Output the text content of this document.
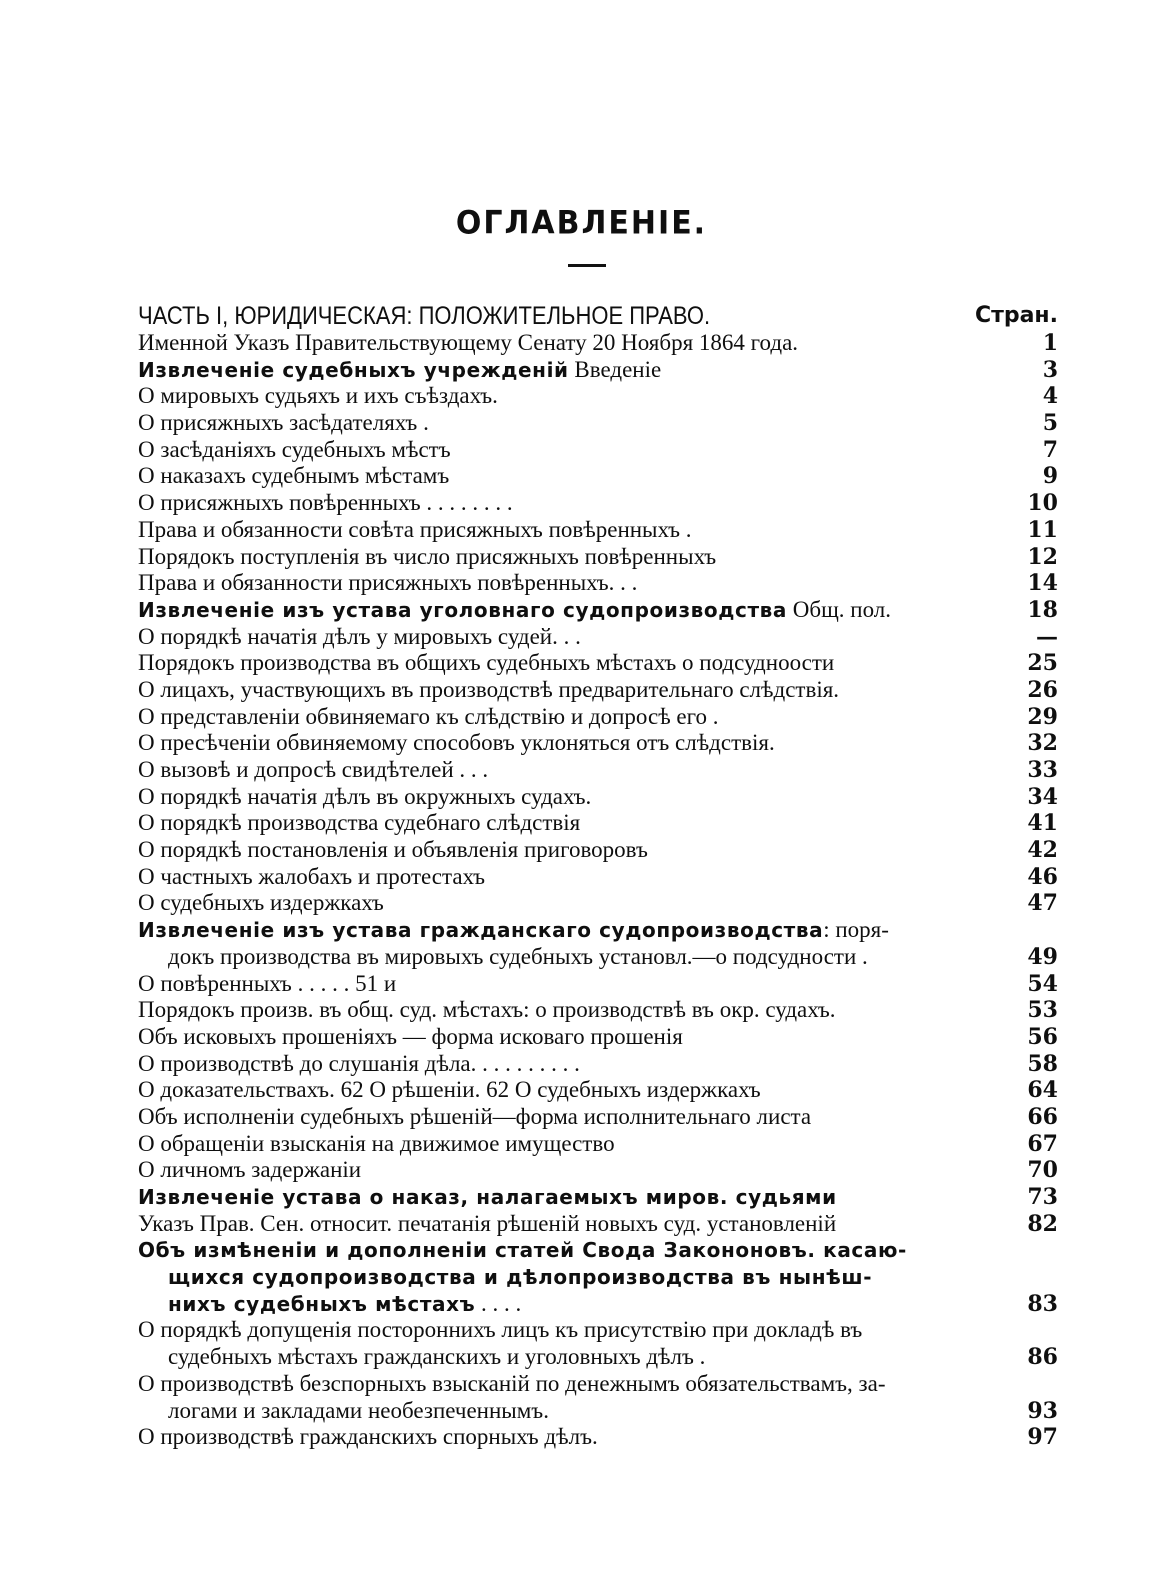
ОГЛАВЛЕНІЕ.
ЧАСТЬ I, ЮРИДИЧЕСКАЯ: ПОЛОЖИТЕЛЬНОЕ ПРАВО.	Стран.
Именной Указъ Правительствующему Сенату 20 Ноября 1864 года.	1
Извлеченіе судебныхъ учрежденій Введеніе	3
О мировыхъ судьяхъ и ихъ съѣздахъ.	4
О присяжныхъ засѣдателяхъ .	5
О засѣданіяхъ судебныхъ мѣстъ	7
О наказахъ судебнымъ мѣстамъ	9
О присяжныхъ повѣренныхъ . . . . . . . .	10
Права и обязанности совѣта присяжныхъ повѣренныхъ .	11
Порядокъ поступленія въ число присяжныхъ повѣренныхъ	12
Права и обязанности присяжныхъ повѣренныхъ. . .	14
Извлеченіе изъ устава уголовнаго судопроизводства Общ. пол.	18
О порядкѣ начатія дѣлъ у мировыхъ судей. . .	—
Порядокъ производства въ общихъ судебныхъ мѣстахъ о подсудноости	25
О лицахъ, участвующихъ въ производствѣ предварительнаго слѣдствія.	26
О представленіи обвиняемаго къ слѣдствію и допросѣ его .	29
О пресѣченіи обвиняемому способовъ уклоняться отъ слѣдствія.	32
О вызовѣ и допросѣ свидѣтелей . . .	33
О порядкѣ начатія дѣлъ въ окружныхъ судахъ.	34
О порядкѣ производства судебнаго слѣдствія	41
О порядкѣ постановленія и объявленія приговоровъ	42
О частныхъ жалобахъ и протестахъ	46
О судебныхъ издержкахъ	47
Извлеченіе изъ устава гражданскаго судопроизводства: поря-
докъ производства въ мировыхъ судебныхъ установл.—о подсудности .	49
О повѣренныхъ . . . . . 51 и	54
Порядокъ произв. въ общ. суд. мѣстахъ: о производствѣ въ окр. судахъ.	53
Объ исковыхъ прошеніяхъ — форма исковаго прошенія	56
О производствѣ до слушанія дѣла. . . . . . . . . .	58
О доказательствахъ. 62 О рѣшеніи. 62 О судебныхъ издержкахъ	64
Объ исполненіи судебныхъ рѣшеній—форма исполнительнаго листа	66
О обращеніи взысканія на движимое имущество	67
О личномъ задержаніи	70
Извлеченіе устава о наказ, налагаемыхъ миров. судьями	73
Указъ Прав. Сен. относит. печатанія рѣшеній новыхъ суд. установленій	82
Объ измѣненіи и дополненіи статей Свода Закононовъ. касаю-
щихся судопроизводства и дѣлопроизводства въ нынѣш-
нихъ судебныхъ мѣстахъ . . . .	83
О порядкѣ допущенія постороннихъ лицъ къ присутствію при докладѣ въ
судебныхъ мѣстахъ гражданскихъ и уголовныхъ дѣлъ .	86
О производствѣ безспорныхъ взысканій по денежнымъ обязательствамъ, за-
логами и закладами необезпеченнымъ.	93
О производствѣ гражданскихъ спорныхъ дѣлъ.	97
